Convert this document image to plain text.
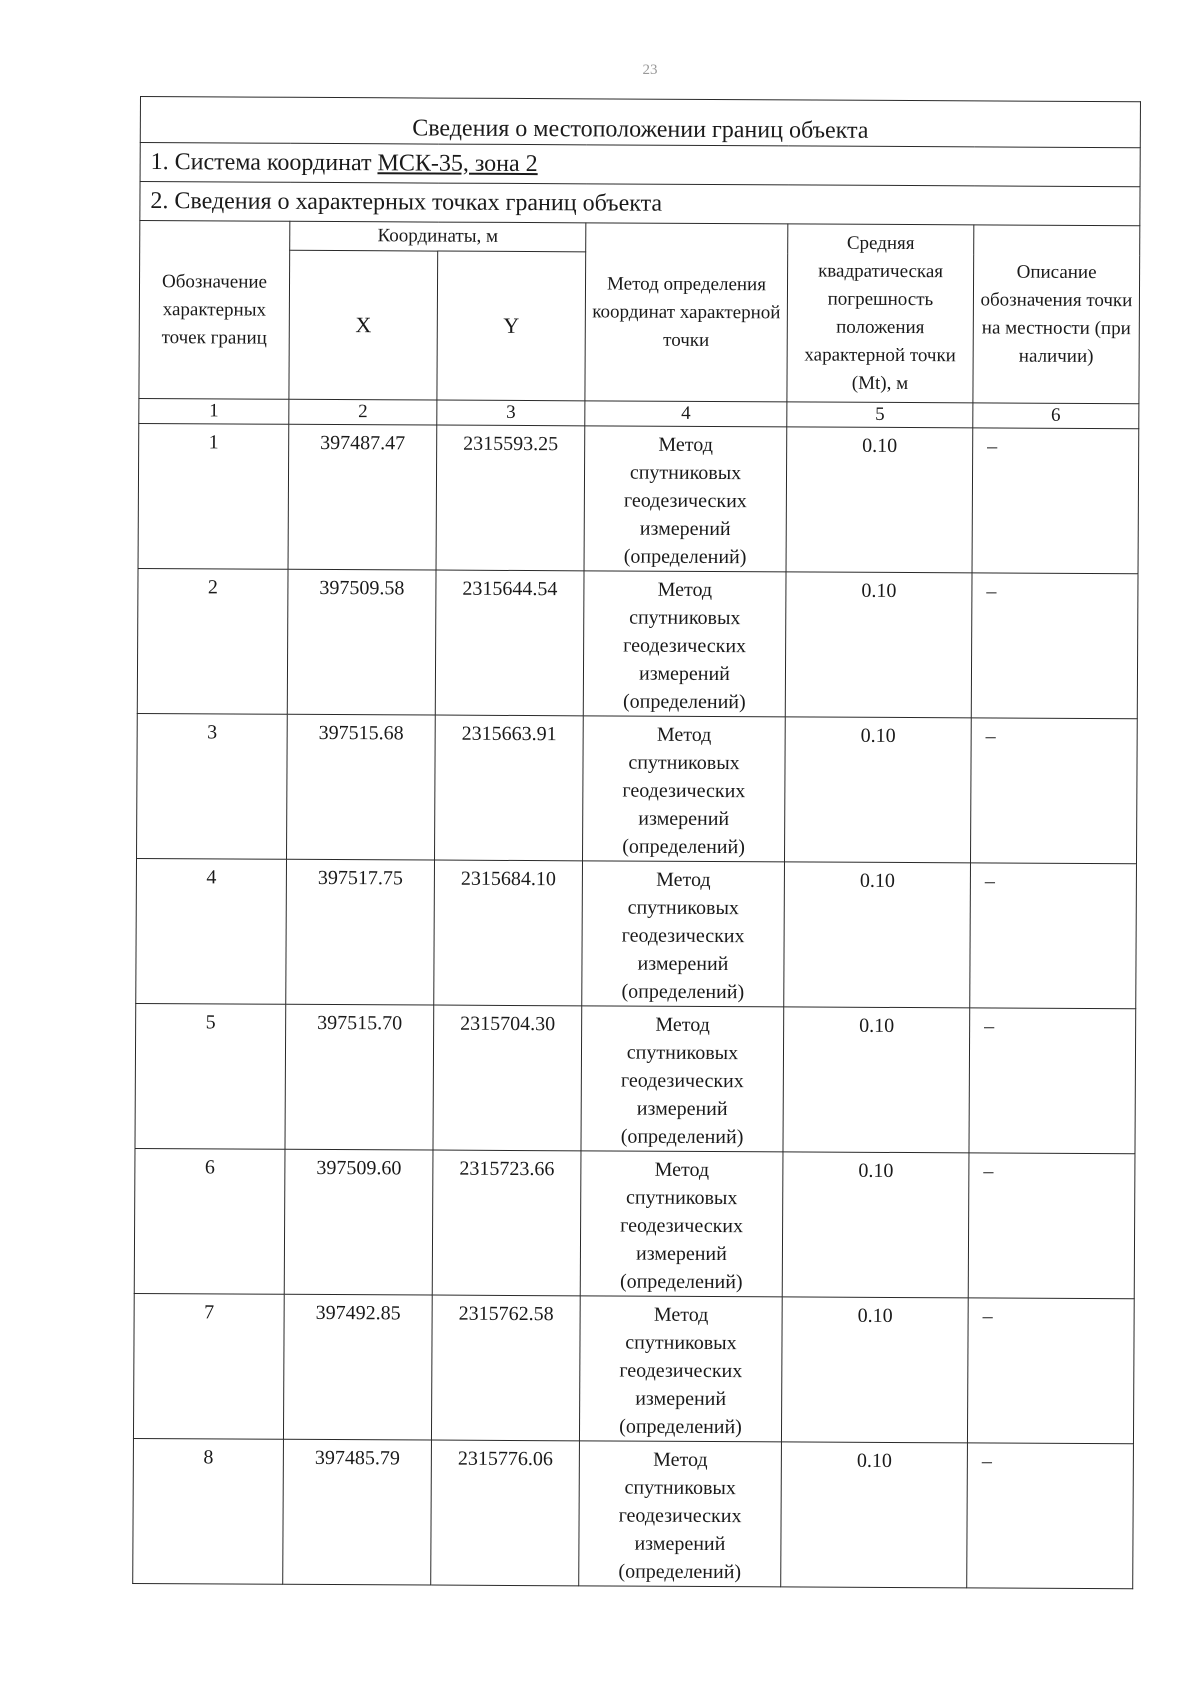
23
Сведения о местоположении границ объекта					
1. Система координат МСК-35, зона 2					
2. Сведения о характерных точках границ объекта					
Обозначение характерных точек границ	Координаты, м		Метод определения координат характерной точки	Средняя квадратическая погрешность положения характерной точки (Mt), м	Описание обозначения точки на местности (при наличии)
	X	Y			
1	2	3	4	5	6
1	397487.47	2315593.25	Метод
спутниковых
геодезических
измерений
(определений)	0.10	–
2	397509.58	2315644.54	Метод
спутниковых
геодезических
измерений
(определений)	0.10	–
3	397515.68	2315663.91	Метод
спутниковых
геодезических
измерений
(определений)	0.10	–
4	397517.75	2315684.10	Метод
спутниковых
геодезических
измерений
(определений)	0.10	–
5	397515.70	2315704.30	Метод
спутниковых
геодезических
измерений
(определений)	0.10	–
6	397509.60	2315723.66	Метод
спутниковых
геодезических
измерений
(определений)	0.10	–
7	397492.85	2315762.58	Метод
спутниковых
геодезических
измерений
(определений)	0.10	–
8	397485.79	2315776.06	Метод
спутниковых
геодезических
измерений
(определений)	0.10	–
